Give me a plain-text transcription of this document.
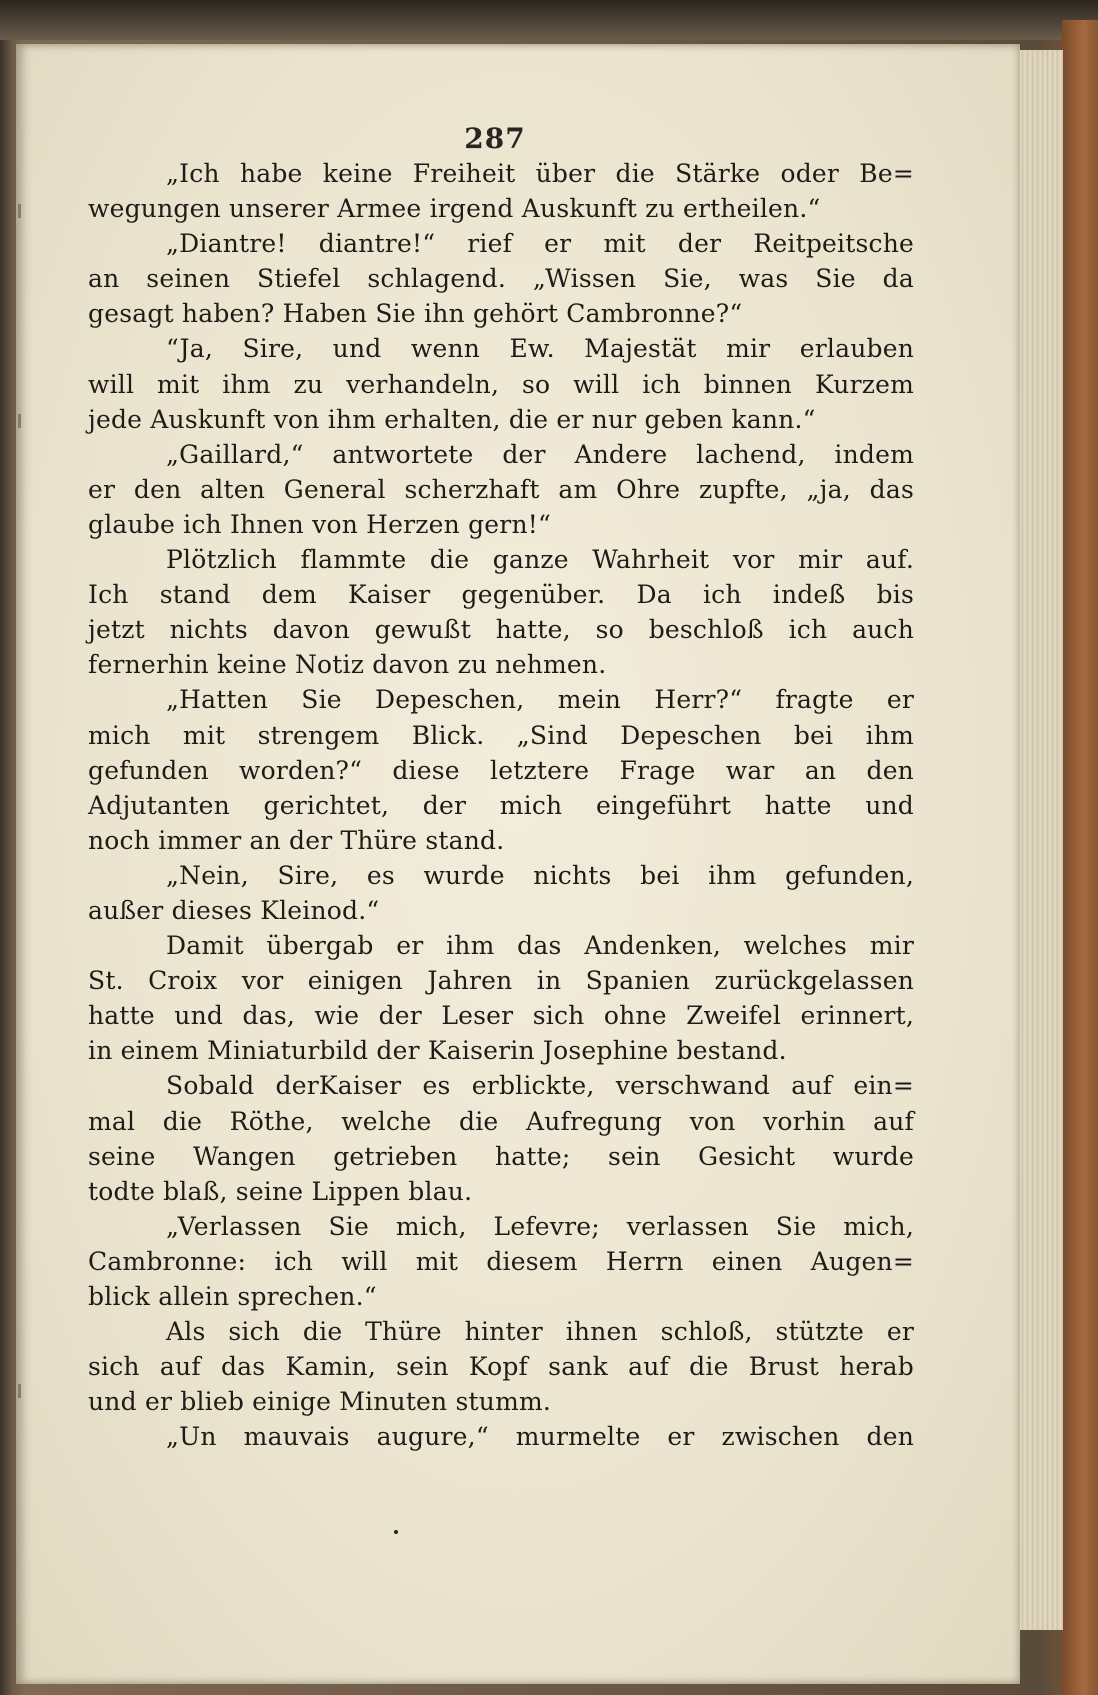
287
„Ich habe keine Freiheit über die Stärke oder Be=
wegungen unserer Armee irgend Auskunft zu ertheilen.“
„Diantre! diantre!“ rief er mit der Reitpeitsche
an seinen Stiefel schlagend. „Wissen Sie, was Sie da
gesagt haben? Haben Sie ihn gehört Cambronne?“
“Ja, Sire, und wenn Ew. Majestät mir erlauben
will mit ihm zu verhandeln, so will ich binnen Kurzem
jede Auskunft von ihm erhalten, die er nur geben kann.“
„Gaillard,“ antwortete der Andere lachend, indem
er den alten General scherzhaft am Ohre zupfte, „ja, das
glaube ich Ihnen von Herzen gern!“
Plötzlich flammte die ganze Wahrheit vor mir auf.
Ich stand dem Kaiser gegenüber. Da ich indeß bis
jetzt nichts davon gewußt hatte, so beschloß ich auch
fernerhin keine Notiz davon zu nehmen.
„Hatten Sie Depeschen, mein Herr?“ fragte er
mich mit strengem Blick. „Sind Depeschen bei ihm
gefunden worden?“ diese letztere Frage war an den
Adjutanten gerichtet, der mich eingeführt hatte und
noch immer an der Thüre stand.
„Nein, Sire, es wurde nichts bei ihm gefunden,
außer dieses Kleinod.“
Damit übergab er ihm das Andenken, welches mir
St. Croix vor einigen Jahren in Spanien zurückgelassen
hatte und das, wie der Leser sich ohne Zweifel erinnert,
in einem Miniaturbild der Kaiserin Josephine bestand.
Sobald derKaiser es erblickte, verschwand auf ein=
mal die Röthe, welche die Aufregung von vorhin auf
seine Wangen getrieben hatte; sein Gesicht wurde
todte blaß, seine Lippen blau.
„Verlassen Sie mich, Lefevre; verlassen Sie mich,
Cambronne: ich will mit diesem Herrn einen Augen=
blick allein sprechen.“
Als sich die Thüre hinter ihnen schloß, stützte er
sich auf das Kamin, sein Kopf sank auf die Brust herab
und er blieb einige Minuten stumm.
„Un mauvais augure,“ murmelte er zwischen den
